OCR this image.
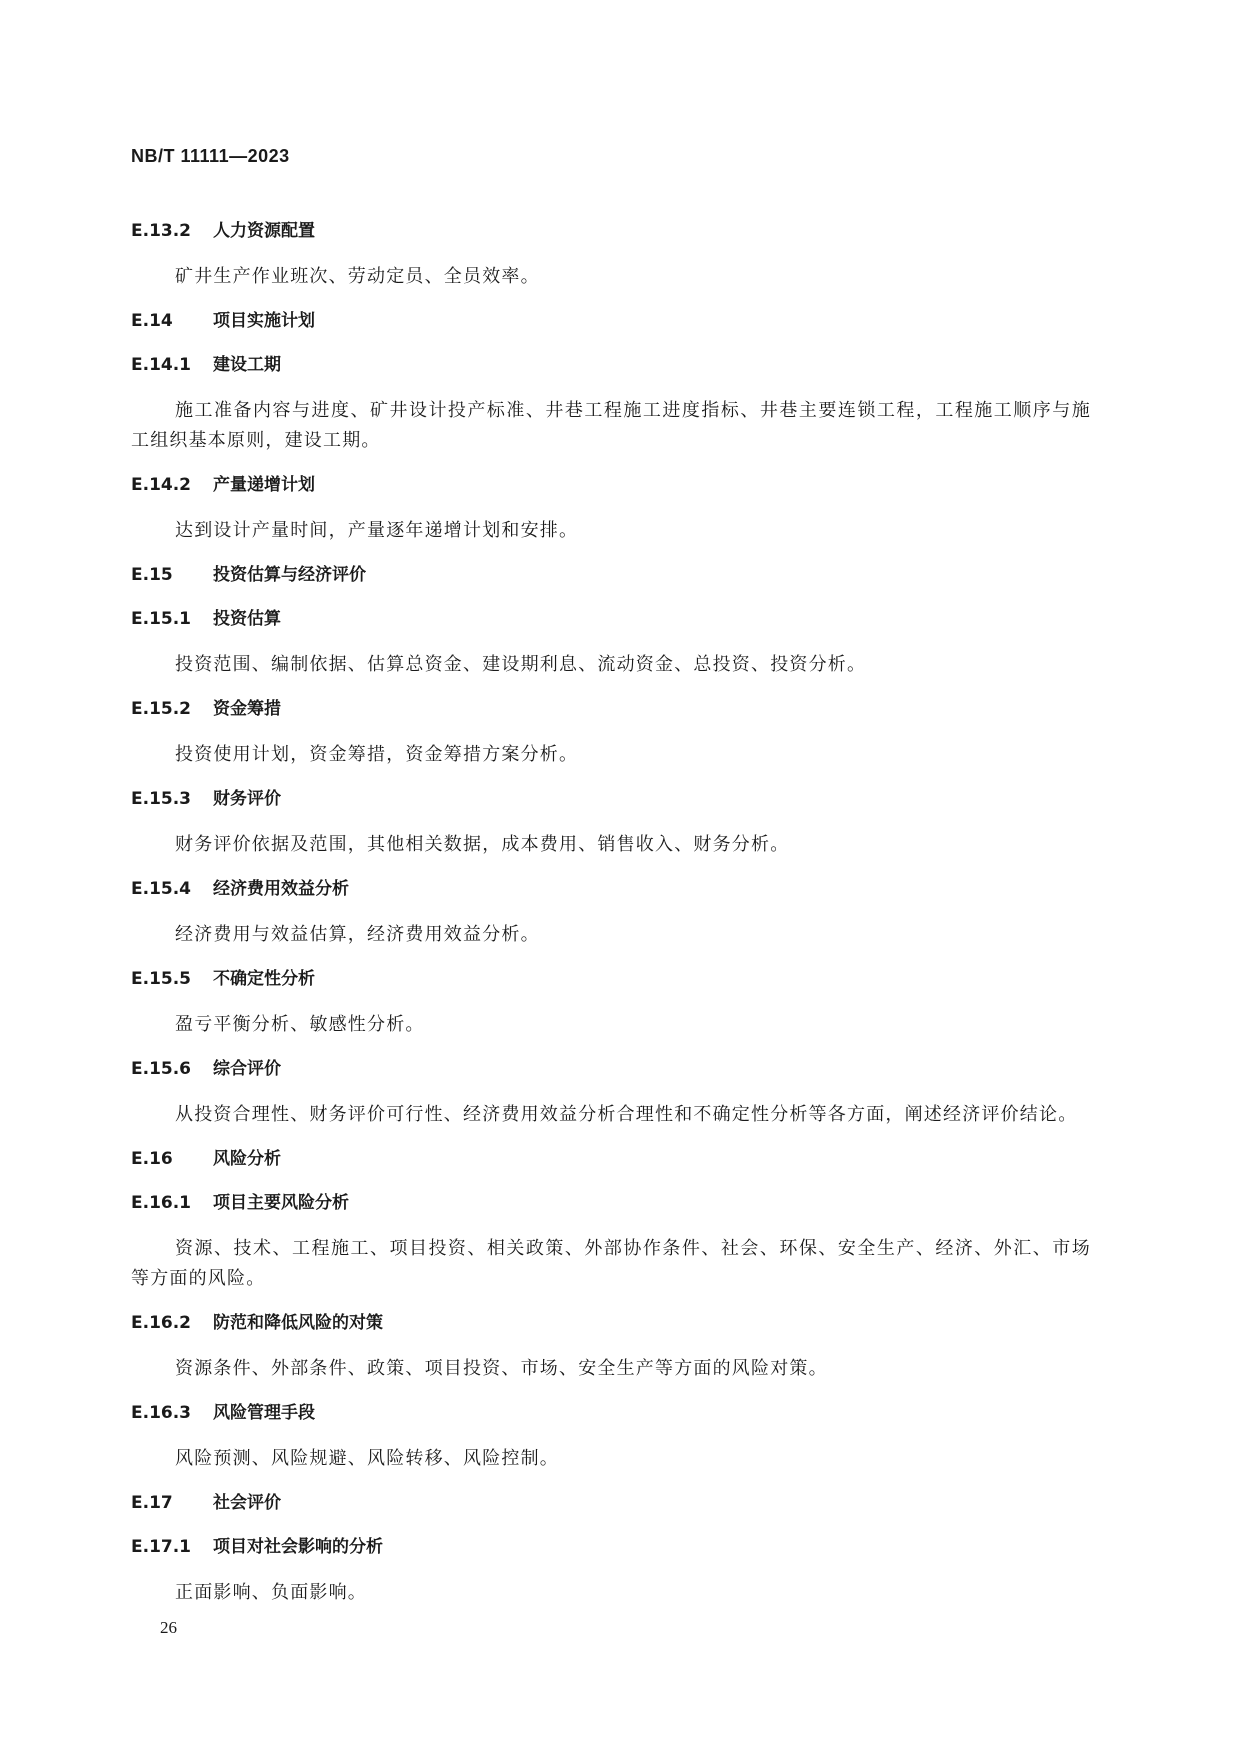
NB/T 11111—2023
E.13.2	人力资源配置
矿井生产作业班次、劳动定员、全员效率。
E.14	项目实施计划
E.14.1	建设工期
施工准备内容与进度、矿井设计投产标准、井巷工程施工进度指标、井巷主要连锁工程，工程施工顺序与施工组织基本原则，建设工期。
E.14.2	产量递增计划
达到设计产量时间，产量逐年递增计划和安排。
E.15	投资估算与经济评价
E.15.1	投资估算
投资范围、编制依据、估算总资金、建设期利息、流动资金、总投资、投资分析。
E.15.2	资金筹措
投资使用计划，资金筹措，资金筹措方案分析。
E.15.3	财务评价
财务评价依据及范围，其他相关数据，成本费用、销售收入、财务分析。
E.15.4	经济费用效益分析
经济费用与效益估算，经济费用效益分析。
E.15.5	不确定性分析
盈亏平衡分析、敏感性分析。
E.15.6	综合评价
从投资合理性、财务评价可行性、经济费用效益分析合理性和不确定性分析等各方面，阐述经济评价结论。
E.16	风险分析
E.16.1	项目主要风险分析
资源、技术、工程施工、项目投资、相关政策、外部协作条件、社会、环保、安全生产、经济、外汇、市场等方面的风险。
E.16.2	防范和降低风险的对策
资源条件、外部条件、政策、项目投资、市场、安全生产等方面的风险对策。
E.16.3	风险管理手段
风险预测、风险规避、风险转移、风险控制。
E.17	社会评价
E.17.1	项目对社会影响的分析
正面影响、负面影响。
26
